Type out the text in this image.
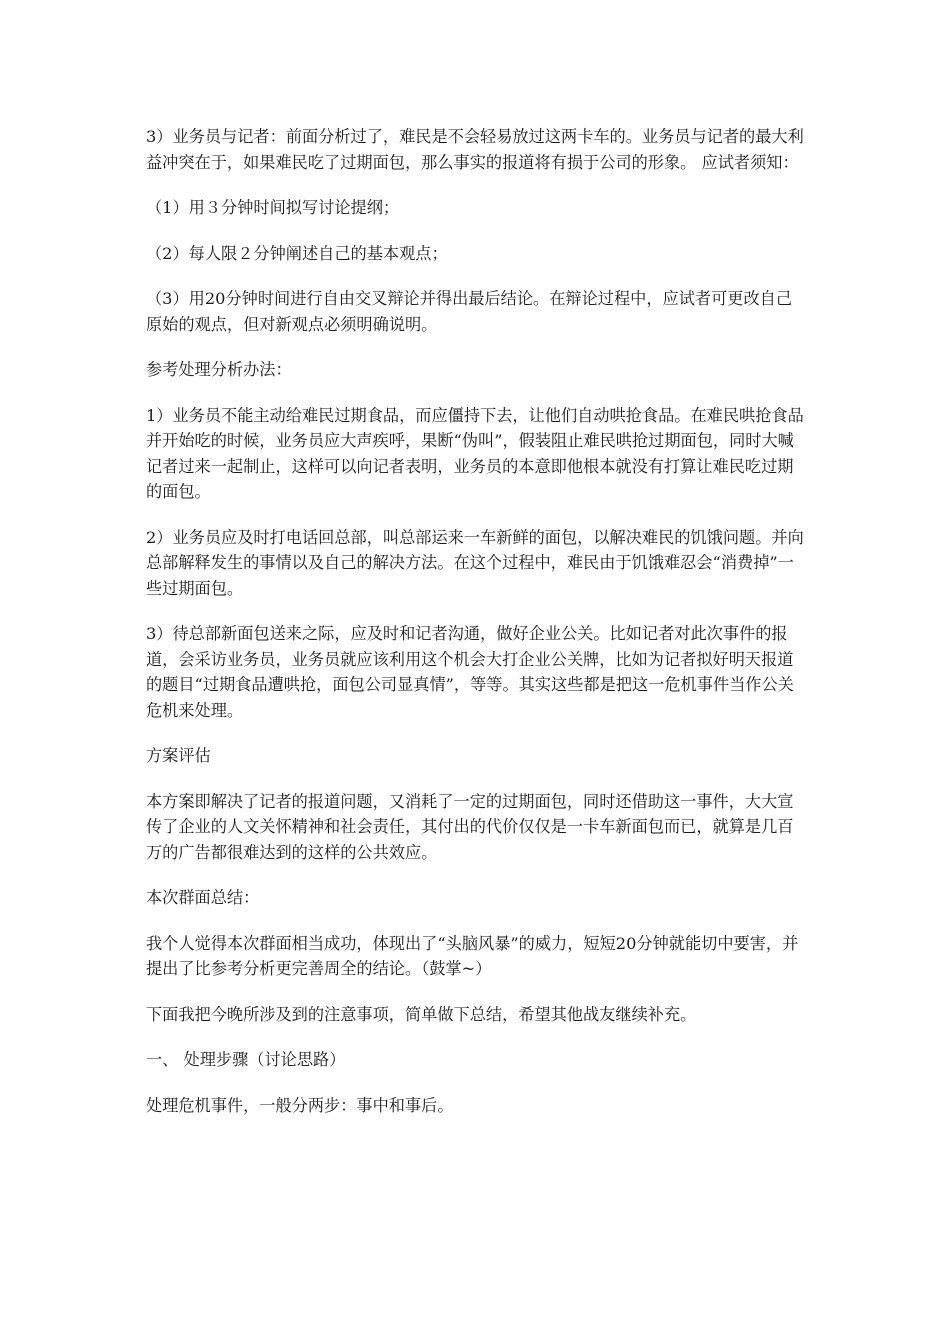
3）业务员与记者：前面分析过了，难民是不会轻易放过这两卡车的。业务员与记者的最大利益冲突在于，如果难民吃了过期面包，那么事实的报道将有损于公司的形象。 应试者须知：

（1）用３分钟时间拟写讨论提纲；

（2）每人限２分钟阐述自己的基本观点；

（3）用20分钟时间进行自由交叉辩论并得出最后结论。在辩论过程中，应试者可更改自己原始的观点，但对新观点必须明确说明。

参考处理分析办法：

1）业务员不能主动给难民过期食品，而应僵持下去，让他们自动哄抢食品。在难民哄抢食品并开始吃的时候，业务员应大声疾呼，果断“伪叫”，假装阻止难民哄抢过期面包，同时大喊记者过来一起制止，这样可以向记者表明，业务员的本意即他根本就没有打算让难民吃过期的面包。

2）业务员应及时打电话回总部，叫总部运来一车新鲜的面包，以解决难民的饥饿问题。并向总部解释发生的事情以及自己的解决方法。在这个过程中，难民由于饥饿难忍会“消费掉”一些过期面包。

3）待总部新面包送来之际，应及时和记者沟通，做好企业公关。比如记者对此次事件的报道，会采访业务员，业务员就应该利用这个机会大打企业公关牌，比如为记者拟好明天报道的题目“过期食品遭哄抢，面包公司显真情”，等等。其实这些都是把这一危机事件当作公关危机来处理。

方案评估

本方案即解决了记者的报道问题，又消耗了一定的过期面包，同时还借助这一事件，大大宣传了企业的人文关怀精神和社会责任，其付出的代价仅仅是一卡车新面包而已，就算是几百万的广告都很难达到的这样的公共效应。

本次群面总结：

我个人觉得本次群面相当成功，体现出了“头脑风暴”的威力，短短20分钟就能切中要害，并提出了比参考分析更完善周全的结论。（鼓掌~）

下面我把今晚所涉及到的注意事项，简单做下总结，希望其他战友继续补充。

一、 处理步骤（讨论思路）

处理危机事件，一般分两步：事中和事后。
